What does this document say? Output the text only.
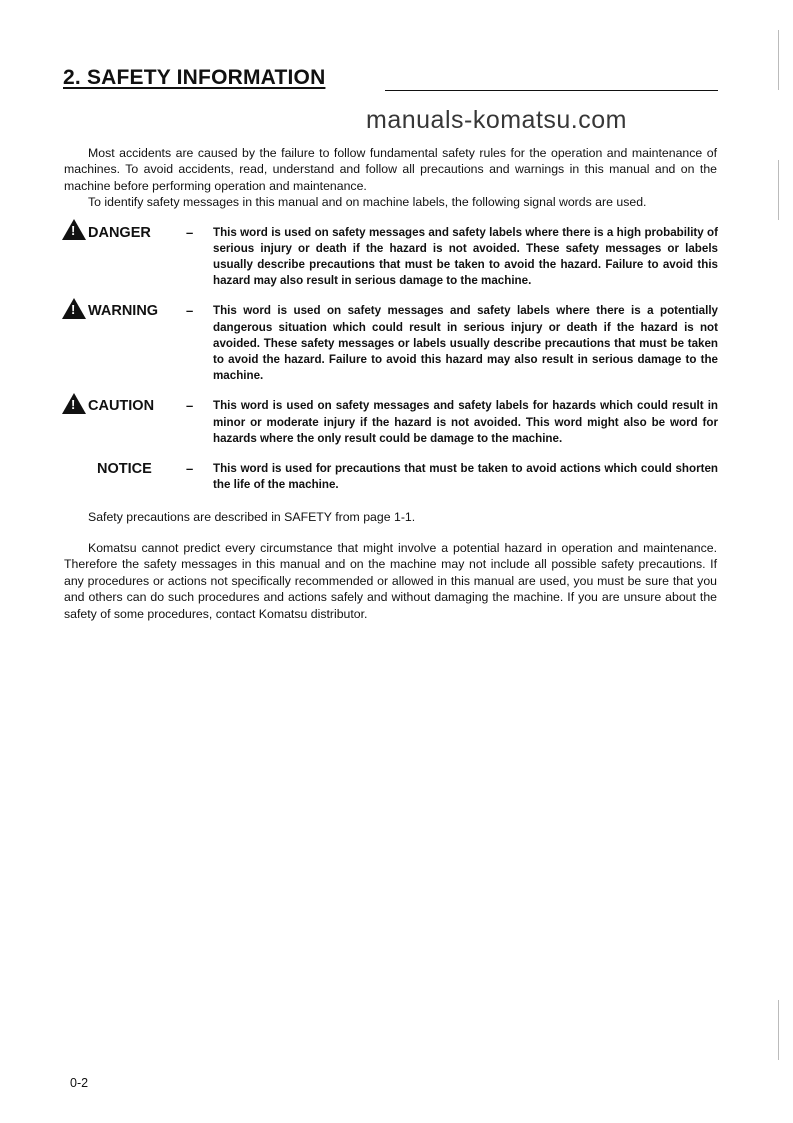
2. SAFETY INFORMATION
manuals-komatsu.com

Most accidents are caused by the failure to follow fundamental safety rules for the operation and maintenance of machines. To avoid accidents, read, understand and follow all precautions and warnings in this manual and on the machine before performing operation and maintenance.

To identify safety messages in this manual and on machine labels, the following signal words are used.

!
DANGER	–	This word is used on safety messages and safety labels where there is a high probability of serious injury or death if the hazard is not avoided. These safety messages or labels usually describe precautions that must be taken to avoid the hazard. Failure to avoid this hazard may also result in serious damage to the machine.
!
WARNING –	This word is used on safety messages and safety labels where there is a potentially dangerous situation which could result in serious injury or death if the hazard is not avoided. These safety messages or labels usually describe precautions that must be taken to avoid the hazard. Failure to avoid this hazard may also result in serious damage to the machine.
!
CAUTION –	This word is used on safety messages and safety labels for hazards which could result in minor or moderate injury if the hazard is not avoided. This word might also be word for hazards where the only result could be damage to the machine.
NOTICE	–	This word is used for precautions that must be taken to avoid actions which could shorten the life of the machine.

Safety precautions are described in SAFETY from page 1-1.

Komatsu cannot predict every circumstance that might involve a potential hazard in operation and maintenance. Therefore the safety messages in this manual and on the machine may not include all possible safety precautions. If any procedures or actions not specifically recommended or allowed in this manual are used, you must be sure that you and others can do such procedures and actions safely and without damaging the machine. If you are unsure about the safety of some procedures, contact Komatsu distributor.

0-2
